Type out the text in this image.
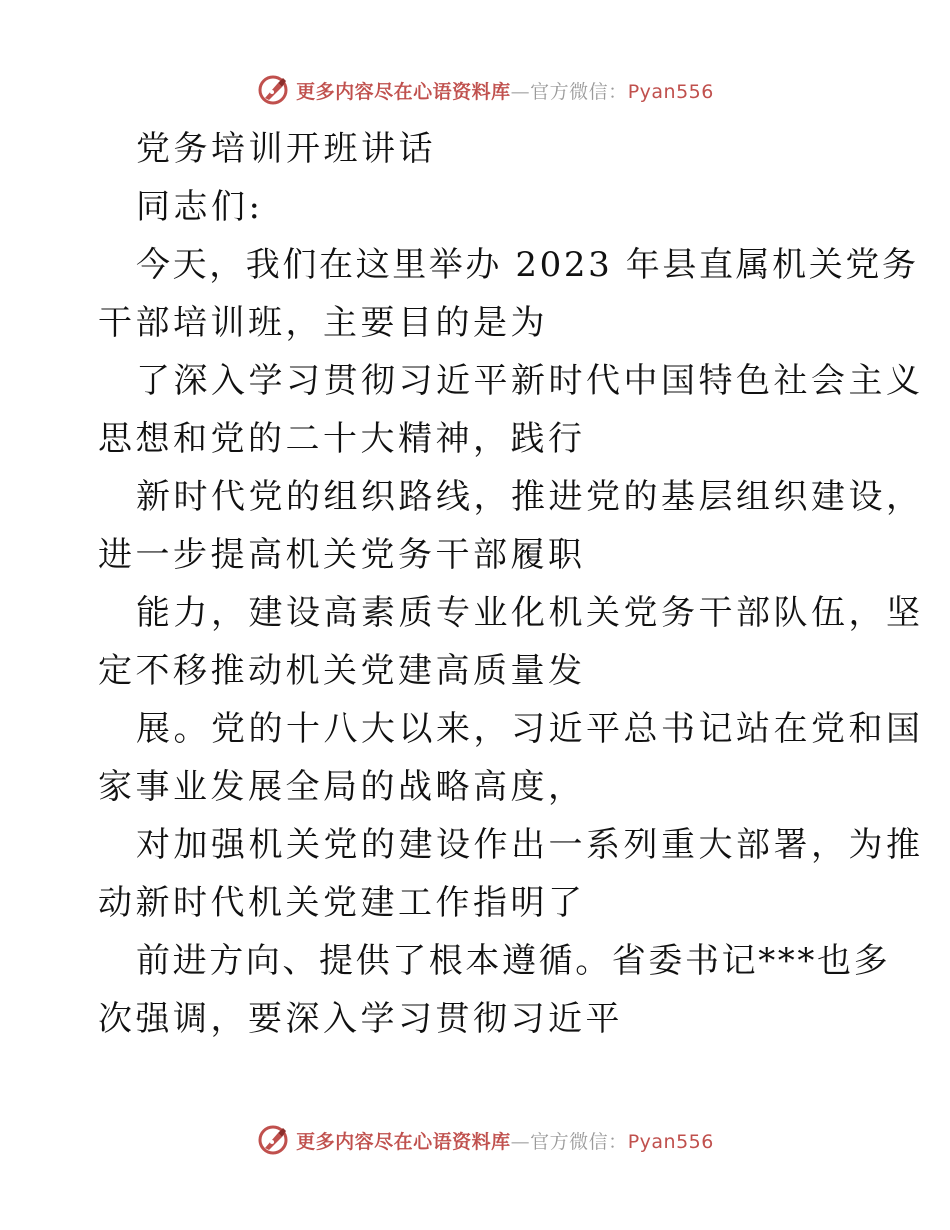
更多内容尽在心语资料库—官方微信：Pyan556
党务培训开班讲话
同志们:
今天，我们在这里举办 2023 年县直属机关党务
干部培训班，主要目的是为
了深入学习贯彻习近平新时代中国特色社会主义
思想和党的二十大精神，践行
新时代党的组织路线，推进党的基层组织建设，
进一步提高机关党务干部履职
能力，建设高素质专业化机关党务干部队伍，坚
定不移推动机关党建高质量发
展。党的十八大以来，习近平总书记站在党和国
家事业发展全局的战略高度，
对加强机关党的建设作出一系列重大部署，为推
动新时代机关党建工作指明了
前进方向、提供了根本遵循。省委书记***也多
次强调，要深入学习贯彻习近平
更多内容尽在心语资料库—官方微信：Pyan556
